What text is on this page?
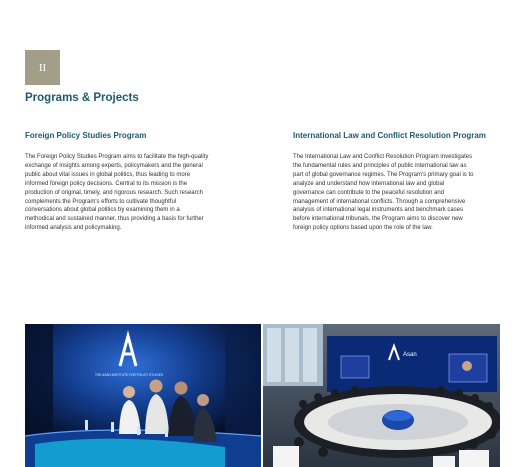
II
Programs & Projects
Foreign Policy Studies Program

The Foreign Policy Studies Program aims to facilitate the high-quality
exchange of insights among experts, policymakers and the general
public about vital issues in global politics, thus leading to more
informed foreign policy decisions. Central to its mission is the
production of original, timely, and rigorous research. Such research
complements the Program's efforts to cultivate thoughtful
conversations about global politics by examining them in a
methodical and sustained manner, thus providing a basis for further
informed analysis and policymaking.

International Law and Conflict Resolution Program

The International Law and Conflict Resolution Program investigates
the fundamental rules and principles of public international law as
part of global governance regimes. The Program's primary goal is to
analyze and understand how international law and global
governance can contribute to the peaceful resolution and
management of international conflicts. Through a comprehensive
analysis of international legal instruments and benchmark cases
before international tribunals, the Program aims to discover new
foreign policy options based upon the role of the law.

THE ASAN INSTITUTE FOR POLICY STUDIES
Asan
